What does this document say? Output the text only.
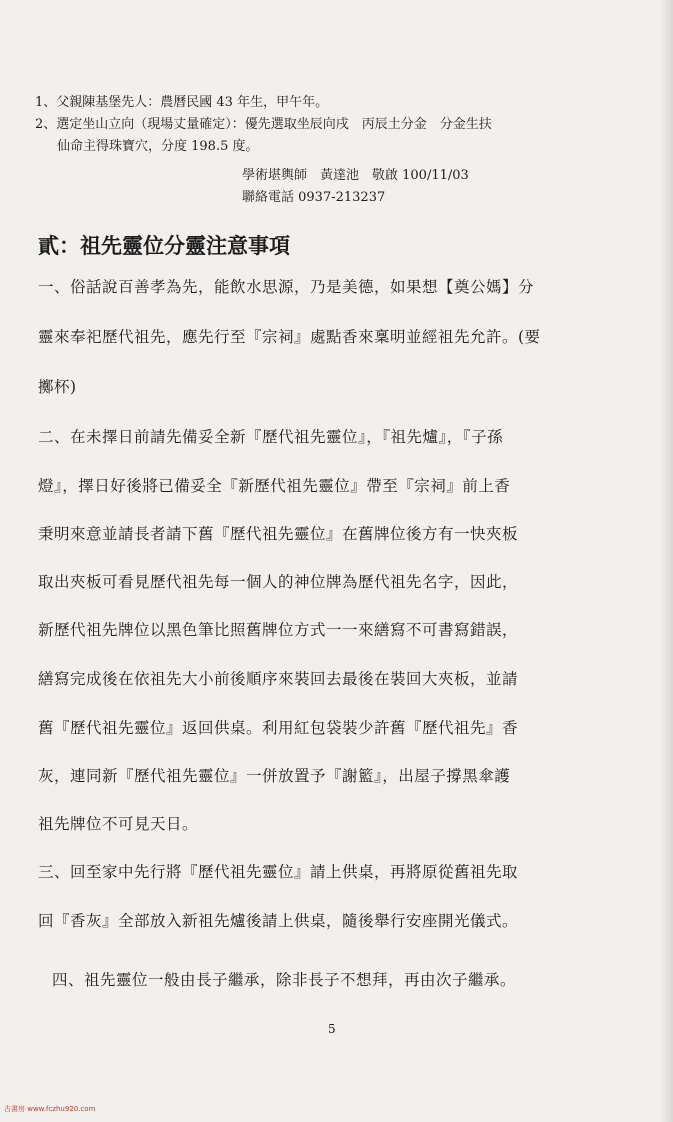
1、父親陳基堡先人：農曆民國 43 年生，甲午年。
2、選定坐山立向（現場丈量確定）：優先選取坐辰向戌　丙辰土分金　分金生扶
仙命主得珠寶穴，分度 198.5 度。
學術堪輿師　黃達池　敬啟 100/11/03
聯絡電話 0937-213237
貳：祖先靈位分靈注意事項
一、俗話說百善孝為先，能飲水思源，乃是美德，如果想【奠公媽】分
靈來奉祀歷代祖先，應先行至『宗祠』處點香來稟明並經祖先允許。(要
擲杯)
二、在未擇日前請先備妥全新『歷代祖先靈位』，『祖先爐』，『子孫
燈』，擇日好後將已備妥全『新歷代祖先靈位』帶至『宗祠』前上香
秉明來意並請長者請下舊『歷代祖先靈位』在舊牌位後方有一快夾板
取出夾板可看見歷代祖先每一個人的神位牌為歷代祖先名字，因此，
新歷代祖先牌位以黑色筆比照舊牌位方式一一來繕寫不可書寫錯誤，
繕寫完成後在依祖先大小前後順序來裝回去最後在裝回大夾板，並請
舊『歷代祖先靈位』返回供桌。利用紅包袋裝少許舊『歷代祖先』香
灰，連同新『歷代祖先靈位』一併放置予『謝籃』，出屋子撐黑傘護
祖先牌位不可見天日。
三、回至家中先行將『歷代祖先靈位』請上供桌，再將原從舊祖先取
回『香灰』全部放入新祖先爐後請上供桌，隨後舉行安座開光儀式。
四、祖先靈位一般由長子繼承，除非長子不想拜，再由次子繼承。
5
古書房 www.fczhu920.com
